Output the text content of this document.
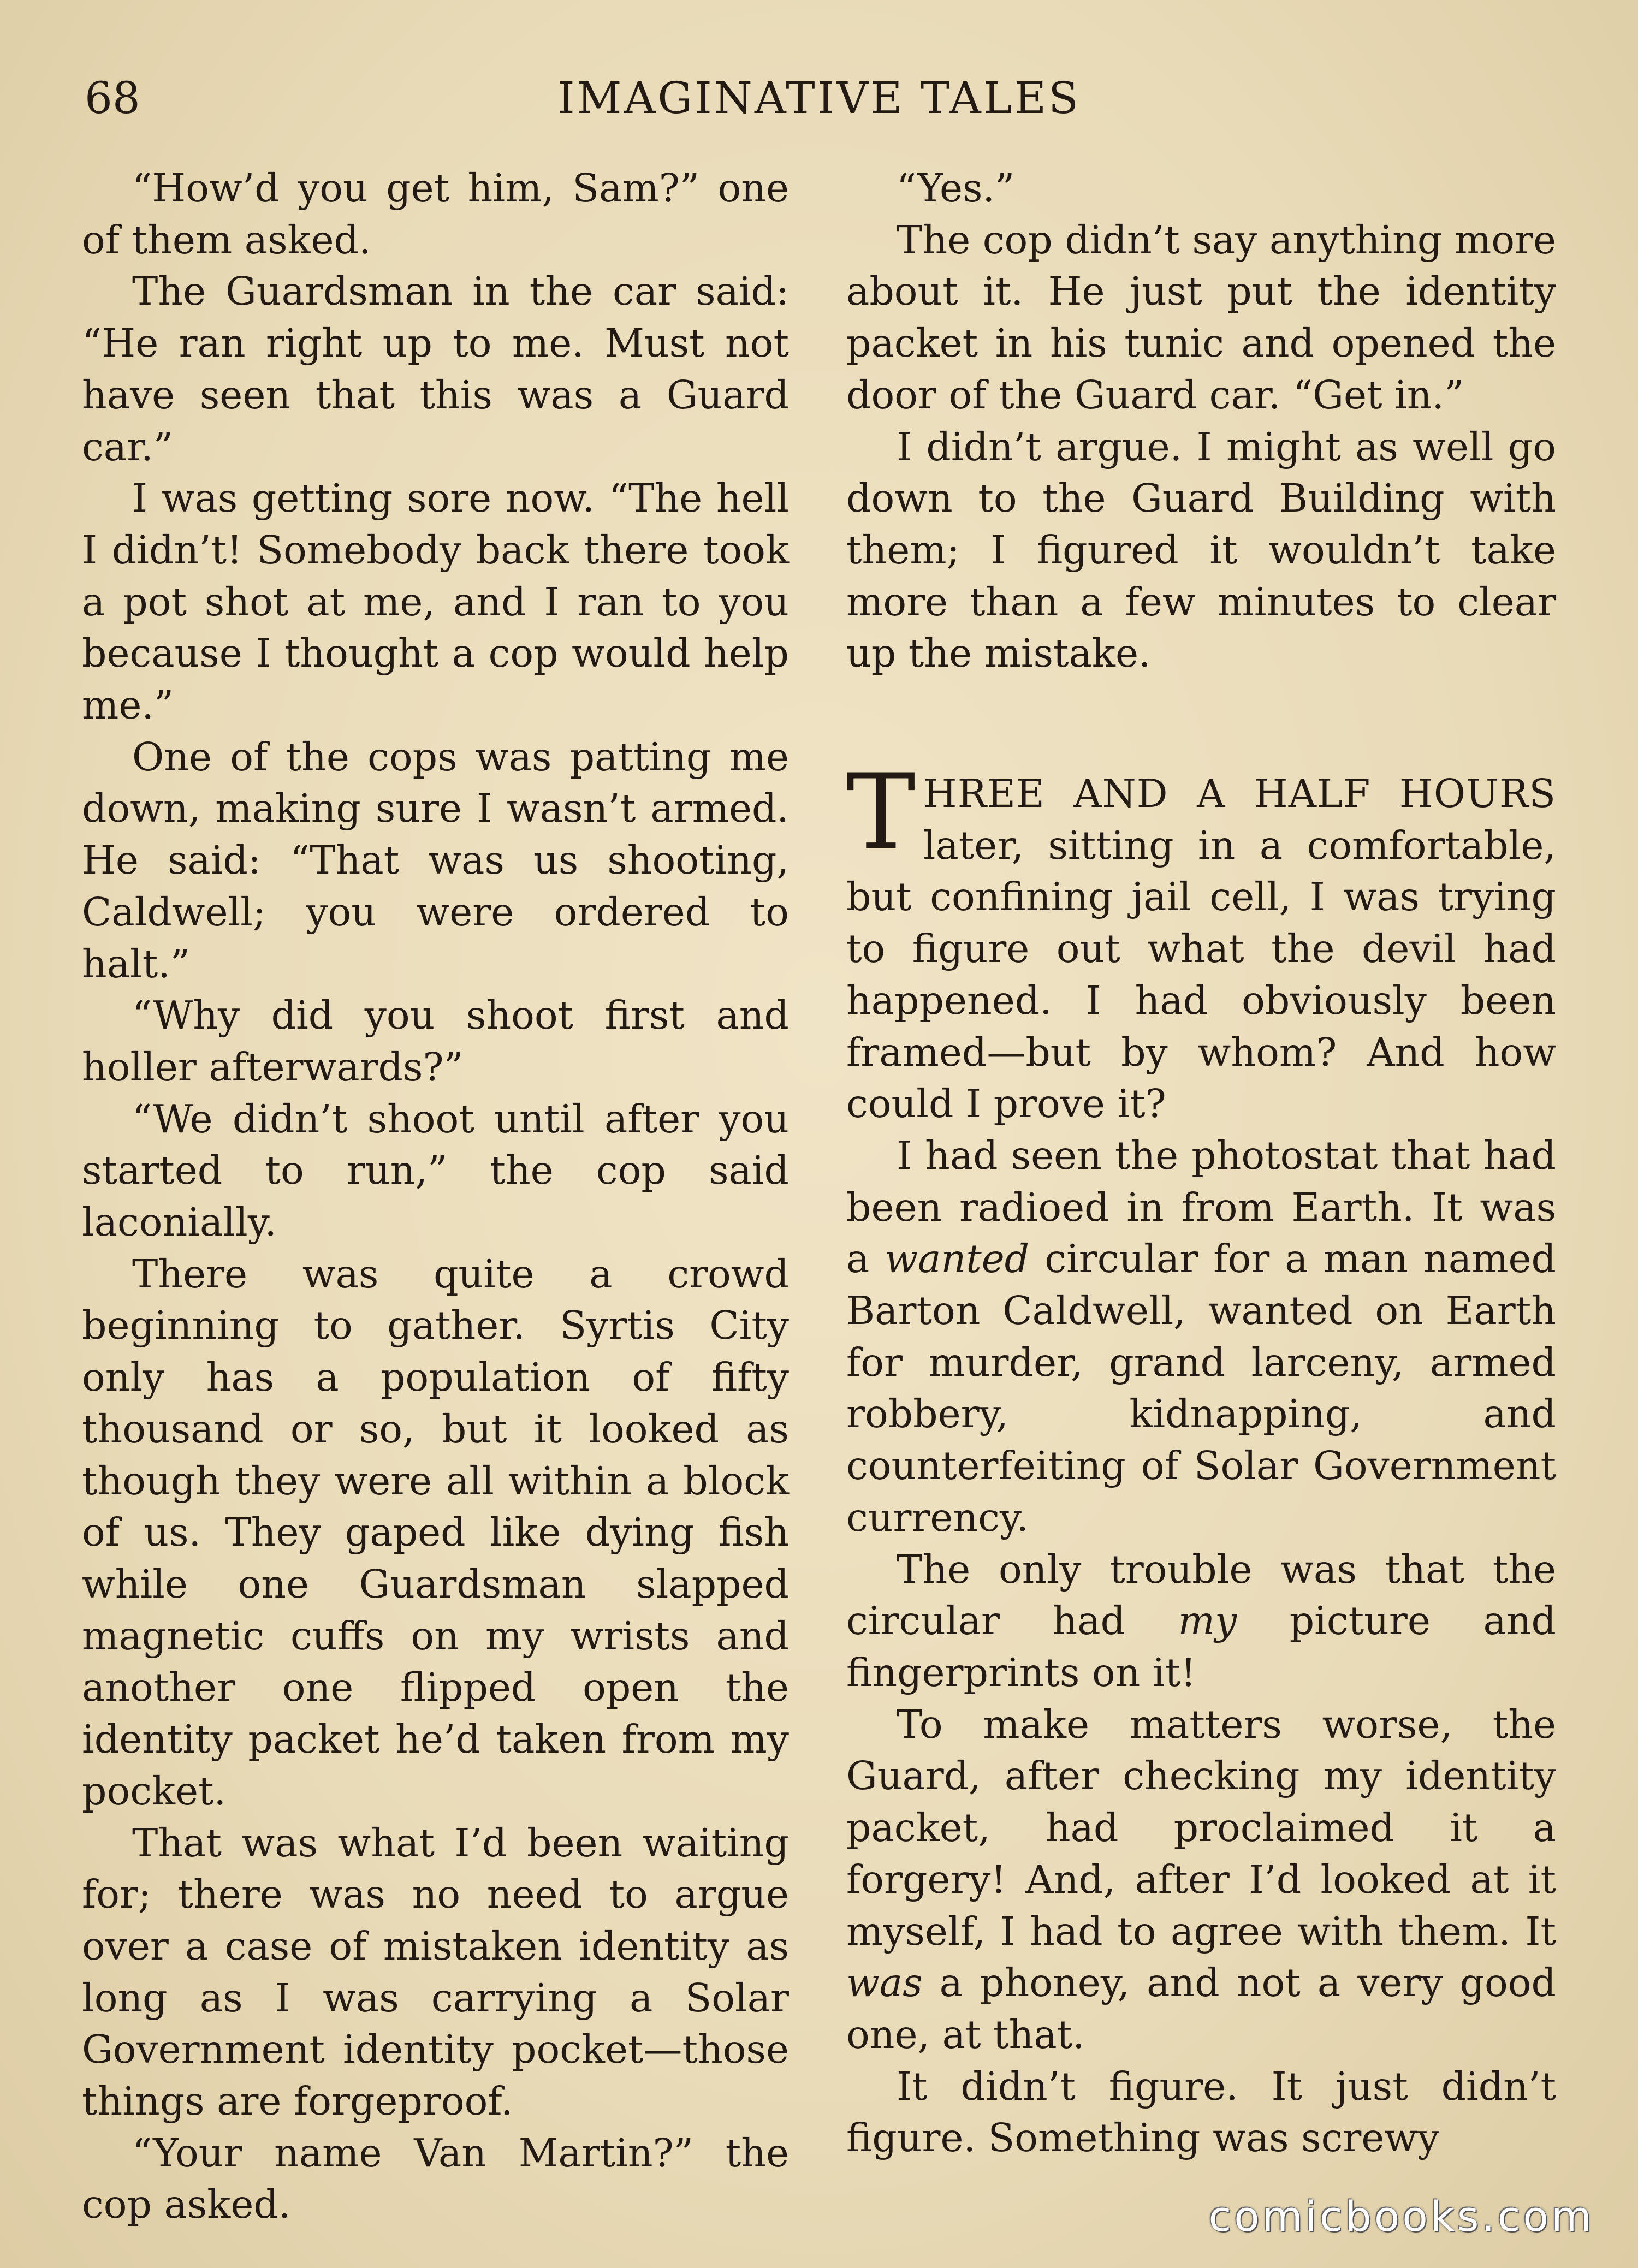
IMAGINATIVE TALES
68

“How’d you get him, Sam?” one of them asked.

The Guardsman in the car said: “He ran right up to me. Must not have seen that this was a Guard car.”

I was getting sore now. “The hell I didn’t! Somebody back there took a pot shot at me, and I ran to you because I thought a cop would help me.”

One of the cops was patting me down, making sure I wasn’t armed. He said: “That was us shooting, Caldwell; you were ordered to halt.”

“Why did you shoot first and holler afterwards?”

“We didn’t shoot until after you started to run,” the cop said laconially.

There was quite a crowd beginning to gather. Syrtis City only has a population of fifty thousand or so, but it looked as though they were all within a block of us. They gaped like dying fish while one Guardsman slapped magnetic cuffs on my wrists and another one flipped open the identity packet he’d taken from my pocket.

That was what I’d been waiting for; there was no need to argue over a case of mistaken identity as long as I was carrying a Solar Government identity pocket—those things are forgeproof.

“Your name Van Martin?” the cop asked.

“Yes.”

The cop didn’t say anything more about it. He just put the identity packet in his tunic and opened the door of the Guard car. “Get in.”

I didn’t argue. I might as well go down to the Guard Building with them; I figured it wouldn’t take more than a few minutes to clear up the mistake.

THREE AND A HALF HOURS later, sitting in a comfortable, but confining jail cell, I was trying to figure out what the devil had happened. I had obviously been framed—but by whom? And how could I prove it?

I had seen the photostat that had been radioed in from Earth. It was a wanted circular for a man named Barton Caldwell, wanted on Earth for murder, grand larceny, armed robbery, kidnapping, and counterfeiting of Solar Government currency.

The only trouble was that the circular had my picture and fingerprints on it!

To make matters worse, the Guard, after checking my identity packet, had proclaimed it a forgery! And, after I’d looked at it myself, I had to agree with them. It was a phoney, and not a very good one, at that.

It didn’t figure. It just didn’t figure. Something was screwy

comicbooks.com
